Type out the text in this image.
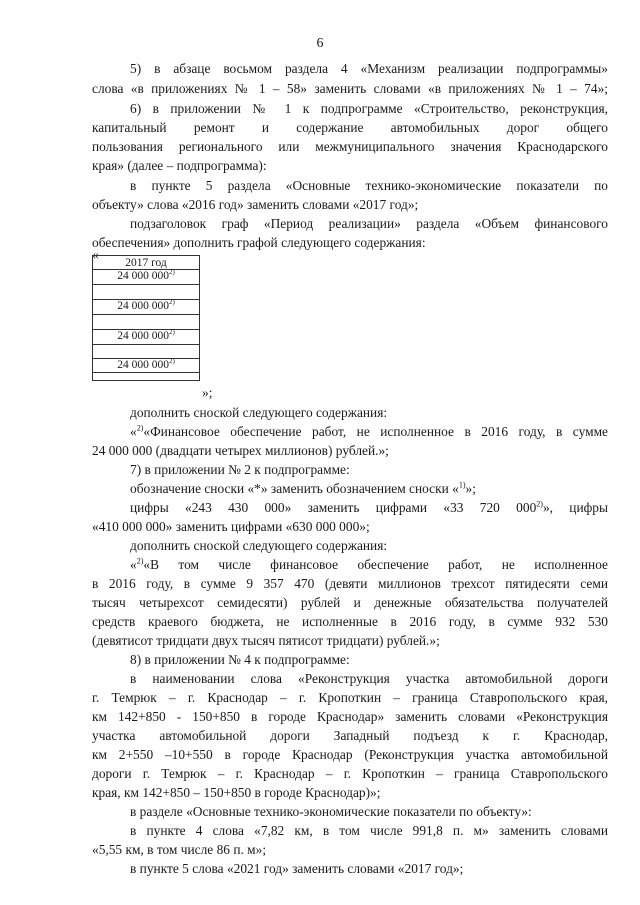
6
5) в абзаце восьмом раздела 4 «Механизм реализации подпрограммы»
слова «в приложениях № 1 – 58» заменить словами «в приложениях № 1 – 74»;
6) в приложении № 1 к подпрограмме «Строительство, реконструкция,
капитальный ремонт и содержание автомобильных дорог общего
пользования регионального или межмуниципального значения Краснодарского
края» (далее – подпрограмма):
в пункте 5 раздела «Основные технико-экономические показатели по
объекту» слова «2016 год» заменить словами «2017 год»;
подзаголовок граф «Период реализации» раздела «Объем финансового
обеспечения» дополнить графой следующего содержания:
«
2017 год
24 000 000$^{2)}$
24 000 000$^{2)}$
24 000 000$^{2)}$
24 000 000$^{2)}$
»;
дополнить сноской следующего содержания:
«$^{2)}$«Финансовое обеспечение работ, не исполненное в 2016 году, в сумме
24 000 000 (двадцати четырех миллионов) рублей.»;
7) в приложении № 2 к подпрограмме:
обозначение сноски «*» заменить обозначением сноски «$^{1)}$»;
цифры «243 430 000» заменить цифрами «33 720 000$^{2)}$», цифры
«410 000 000» заменить цифрами «630 000 000»;
дополнить сноской следующего содержания:
«$^{2)}$«В том числе финансовое обеспечение работ, не исполненное
в 2016 году, в сумме 9 357 470 (девяти миллионов трехсот пятидесяти семи
тысяч четырехсот семидесяти) рублей и денежные обязательства получателей
средств краевого бюджета, не исполненные в 2016 году, в сумме 932 530
(девятисот тридцати двух тысяч пятисот тридцати) рублей.»;
8) в приложении № 4 к подпрограмме:
в наименовании слова «Реконструкция участка автомобильной дороги
г. Темрюк – г. Краснодар – г. Кропоткин – граница Ставропольского края,
км 142+850 - 150+850 в городе Краснодар» заменить словами «Реконструкция
участка автомобильной дороги Западный подъезд к г. Краснодар,
км 2+550 –10+550 в городе Краснодар (Реконструкция участка автомобильной
дороги г. Темрюк – г. Краснодар – г. Кропоткин – граница Ставропольского
края, км 142+850 – 150+850 в городе Краснодар)»;
в разделе «Основные технико-экономические показатели по объекту»:
в пункте 4 слова «7,82 км, в том числе 991,8 п. м» заменить словами
«5,55 км, в том числе 86 п. м»;
в пункте 5 слова «2021 год» заменить словами «2017 год»;
